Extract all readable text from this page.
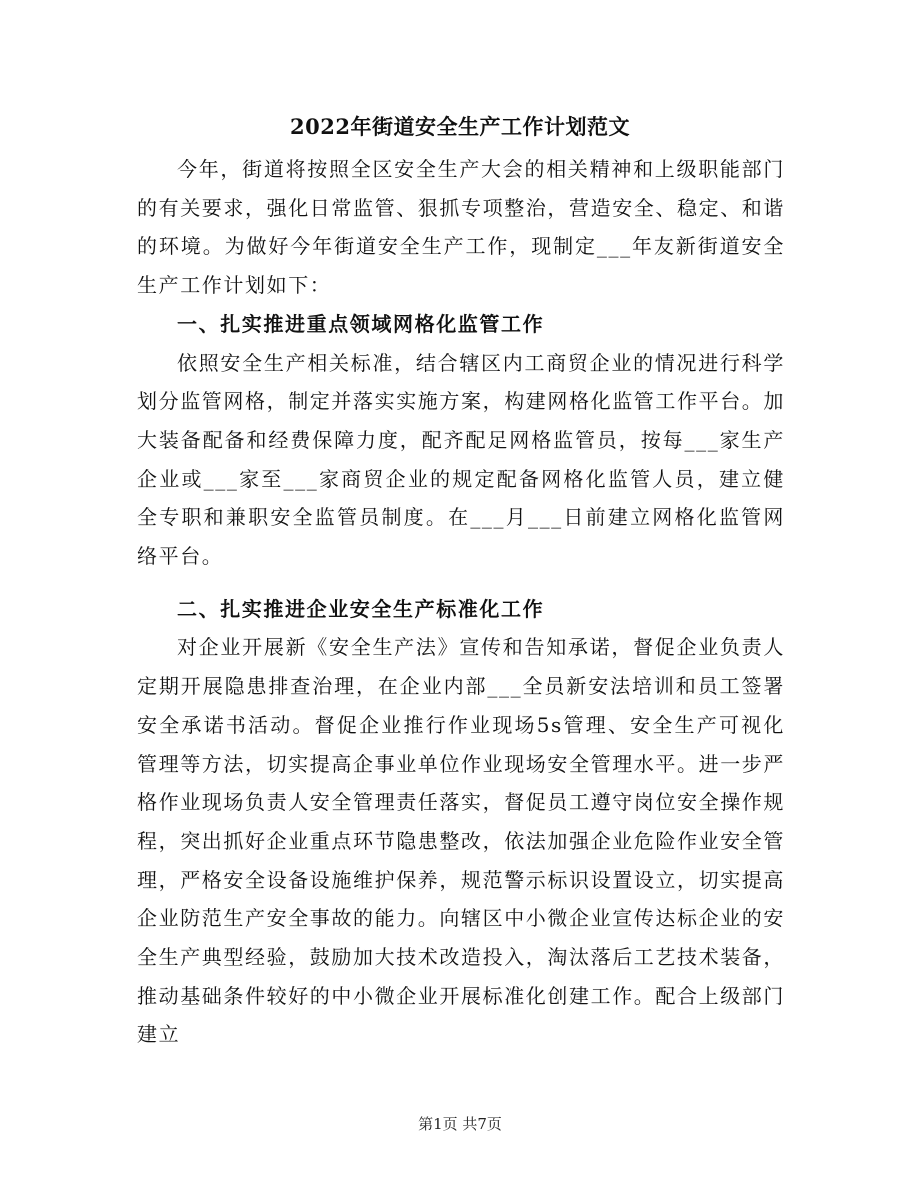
2022年街道安全生产工作计划范文

今年，街道将按照全区安全生产大会的相关精神和上级职能部门的有关要求，强化日常监管、狠抓专项整治，营造安全、稳定、和谐的环境。为做好今年街道安全生产工作，现制定___年友新街道安全生产工作计划如下：

一、扎实推进重点领域网格化监管工作

依照安全生产相关标准，结合辖区内工商贸企业的情况进行科学划分监管网格，制定并落实实施方案，构建网格化监管工作平台。加大装备配备和经费保障力度，配齐配足网格监管员，按每___家生产企业或___家至___家商贸企业的规定配备网格化监管人员，建立健全专职和兼职安全监管员制度。在___月___日前建立网格化监管网络平台。

二、扎实推进企业安全生产标准化工作

对企业开展新《安全生产法》宣传和告知承诺，督促企业负责人定期开展隐患排查治理，在企业内部___全员新安法培训和员工签署安全承诺书活动。督促企业推行作业现场5s管理、安全生产可视化管理等方法，切实提高企事业单位作业现场安全管理水平。进一步严格作业现场负责人安全管理责任落实，督促员工遵守岗位安全操作规程，突出抓好企业重点环节隐患整改，依法加强企业危险作业安全管理，严格安全设备设施维护保养，规范警示标识设置设立，切实提高企业防范生产安全事故的能力。向辖区中小微企业宣传达标企业的安全生产典型经验，鼓励加大技术改造投入，淘汰落后工艺技术装备，推动基础条件较好的中小微企业开展标准化创建工作。配合上级部门建立

第1页 共7页
